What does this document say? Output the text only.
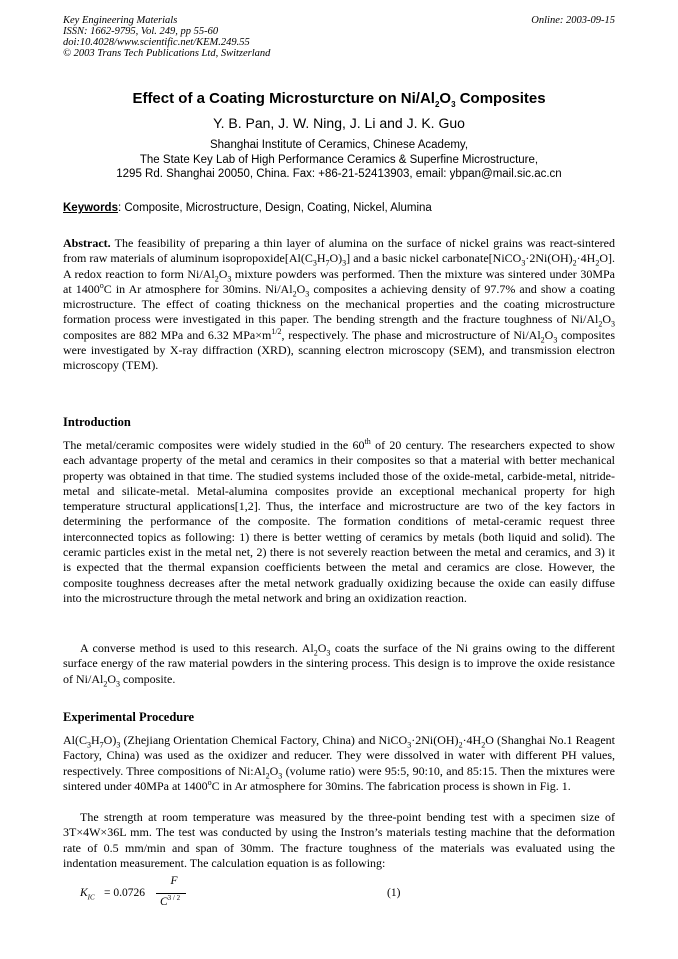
Key Engineering Materials
ISSN: 1662-9795, Vol. 249, pp 55-60
doi:10.4028/www.scientific.net/KEM.249.55
© 2003 Trans Tech Publications Ltd, Switzerland
Online: 2003-09-15
Effect of a Coating Microsturcture on $Ni/Al_2O_3$ Composites
Y. B. Pan, J. W. Ning, J. Li and J. K. Guo
Shanghai Institute of Ceramics, Chinese Academy,
The State Key Lab of High Performance Ceramics & Superfine Microstructure,
1295 Rd. Shanghai 20050, China. Fax: +86-21-52413903, email: ybpan@mail.sic.ac.cn
Keywords: Composite, Microstructure, Design, Coating, Nickel, Alumina
Abstract. The feasibility of preparing a thin layer of alumina on the surface of nickel grains was react-sintered from raw materials of aluminum $isopropoxide[Al(C_3H_7O)_3]$ and a basic nickel $carbonate[NiCO_3\cdot 2Ni(OH)_2\cdot 4H_2O]$. A redox reaction to form $Ni/Al_2O_3$ mixture powders was performed. Then the mixture was sintered under 30MPa at 1400$^o$C in Ar atmosphere for 30mins. $Ni/Al_2O_3$ composites a achieving density of 97.7% and show a coating microstructure. The effect of coating thickness on the mechanical properties and the coating microstructure formation process were investigated in this paper. The bending strength and the fracture toughness of $Ni/Al_2O_3$ composites are 882 MPa and 6.32 $MPa\times m^{1/2}$, respectively. The phase and microstructure of $Ni/Al_2O_3$ composites were investigated by X-ray diffraction (XRD), scanning electron microscopy (SEM), and transmission electron microscopy (TEM).
Introduction
The metal/ceramic composites were widely studied in the 60th of 20 century. The researchers expected to show each advantage property of the metal and ceramics in their composites so that a material with better mechanical property was obtained in that time. The studied systems included those of the oxide-metal, carbide-metal, nitride-metal and silicate-metal. Metal-alumina composites provide an exceptional mechanical property for high temperature structural applications[1,2]. Thus, the interface and microstructure are two of the key factors in determining the performance of the composite. The formation conditions of metal-ceramic request three interconnected topics as following: 1) there is better wetting of ceramics by metals (both liquid and solid). The ceramic particles exist in the metal net, 2) there is not severely reaction between the metal and ceramics, and 3) it is expected that the thermal expansion coefficients between the metal and ceramics are close. However, the composite toughness decreases after the metal network gradually oxidizing because the oxide can easily diffuse into the microstructure through the metal network and bring an oxidization reaction.
A converse method is used to this research. $Al_2O_3$ coats the surface of the Ni grains owing to the different surface energy of the raw material powders in the sintering process. This design is to improve the oxide resistance of $Ni/Al_2O_3$ composite.
Experimental Procedure
$Al(C_3H_7O)_3$ (Zhejiang Orientation Chemical Factory, China) and $NiCO_3\cdot 2Ni(OH)_2\cdot 4H_2O$ (Shanghai No.1 Reagent Factory, China) was used as the oxidizer and reducer. They were dissolved in water with different PH values, respectively. Three compositions of $Ni:Al_2O_3$ (volume ratio) were 95:5, 90:10, and 85:15. Then the mixtures were sintered under 40MPa at 1400$^o$C in Ar atmosphere for 30mins. The fabrication process is shown in Fig. 1.
The strength at room temperature was measured by the three-point bending test with a specimen size of 3T×4W×36L mm. The test was conducted by using the Instron’s materials testing machine that the deformation rate of 0.5 mm/min and span of 30mm. The fracture toughness of the materials was evaluated using the indentation measurement. The calculation equation is as following:
$K_{IC} = 0.0726$
F
$C^{3 / 2}$	(1)
